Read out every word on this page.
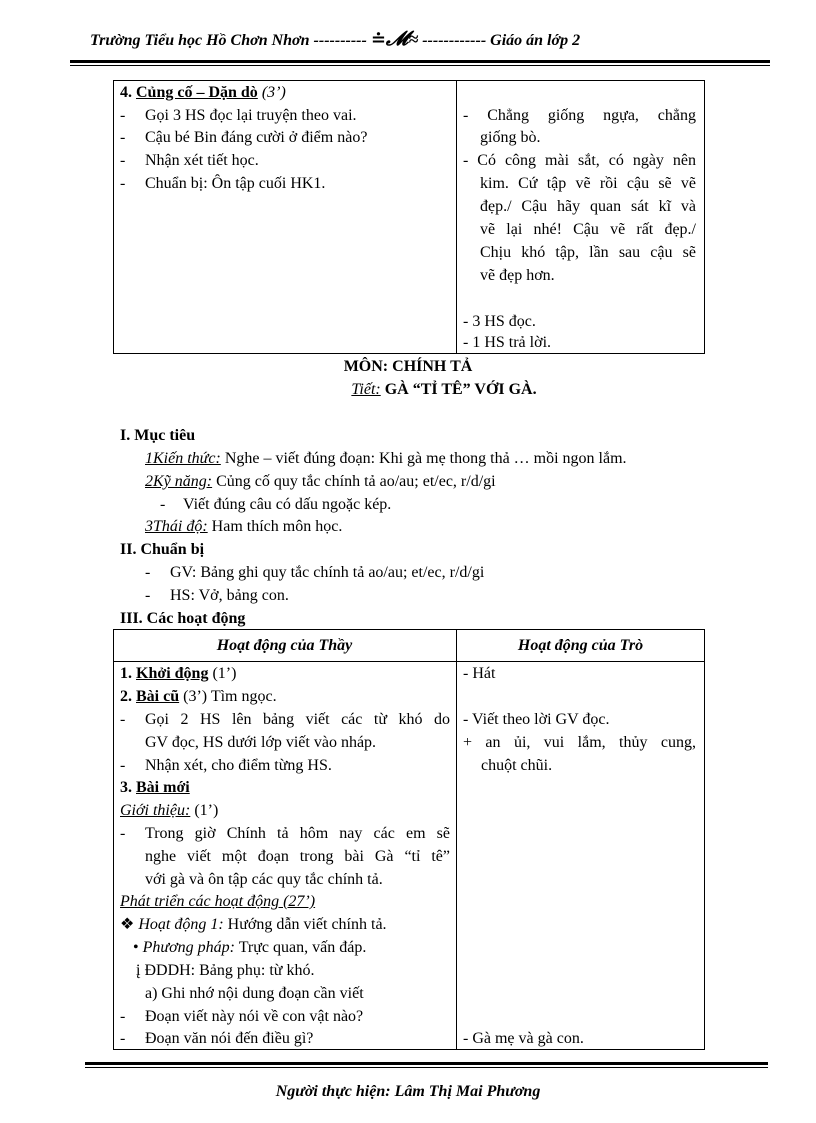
Trường Tiểu học Hồ Chơn Nhơn ---------- ≐𝓜≈ ------------ Giáo án lớp 2
4. Củng cố – Dặn dò (3’)
- Gọi 3 HS đọc lại truyện theo vai.
- Cậu bé Bin đáng cười ở điểm nào?
- Nhận xét tiết học.
- Chuẩn bị: Ôn tập cuối HK1.
- Chẳng giống ngựa, chẳng
giống bò.
- Có công mài sắt, có ngày nên
kim. Cứ tập vẽ rồi cậu sẽ vẽ
đẹp./ Cậu hãy quan sát kĩ và
vẽ lại nhé! Cậu vẽ rất đẹp./
Chịu khó tập, lần sau cậu sẽ
vẽ đẹp hơn.
- 3 HS đọc.
- 1 HS trả lời.
MÔN: CHÍNH TẢ
Tiết: GÀ “TỈ TÊ” VỚI GÀ.
I. Mục tiêu
1Kiến thức: Nghe – viết đúng đoạn: Khi gà mẹ thong thả … mồi ngon lắm.
2Kỹ năng: Củng cố quy tắc chính tả ao/au; et/ec, r/d/gi
- Viết đúng câu có dấu ngoặc kép.
3Thái độ: Ham thích môn học.
II. Chuẩn bị
- GV: Bảng ghi quy tắc chính tả ao/au; et/ec, r/d/gi
- HS: Vở, bảng con.
III. Các hoạt động
Hoạt động của Thầy	Hoạt động của Trò
1. Khởi động (1’)
2. Bài cũ (3’) Tìm ngọc.
- Gọi 2 HS lên bảng viết các từ khó do
GV đọc, HS dưới lớp viết vào nháp.
- Nhận xét, cho điểm từng HS.
3. Bài mới
Giới thiệu: (1’)
- Trong giờ Chính tả hôm nay các em sẽ
nghe viết một đoạn trong bài Gà “tỉ tê”
với gà và ôn tập các quy tắc chính tả.
Phát triển các hoạt động (27’)
❖ Hoạt động 1: Hướng dẫn viết chính tả.
• Phương pháp: Trực quan, vấn đáp.
į ĐDDH: Bảng phụ: từ khó.
a) Ghi nhớ nội dung đoạn cần viết
- Đoạn viết này nói về con vật nào?
- Đoạn văn nói đến điều gì?
- Hát
- Viết theo lời GV đọc.
+ an ủi, vui lắm, thủy cung,
chuột chũi.
- Gà mẹ và gà con.
Người thực hiện: Lâm Thị Mai Phương
